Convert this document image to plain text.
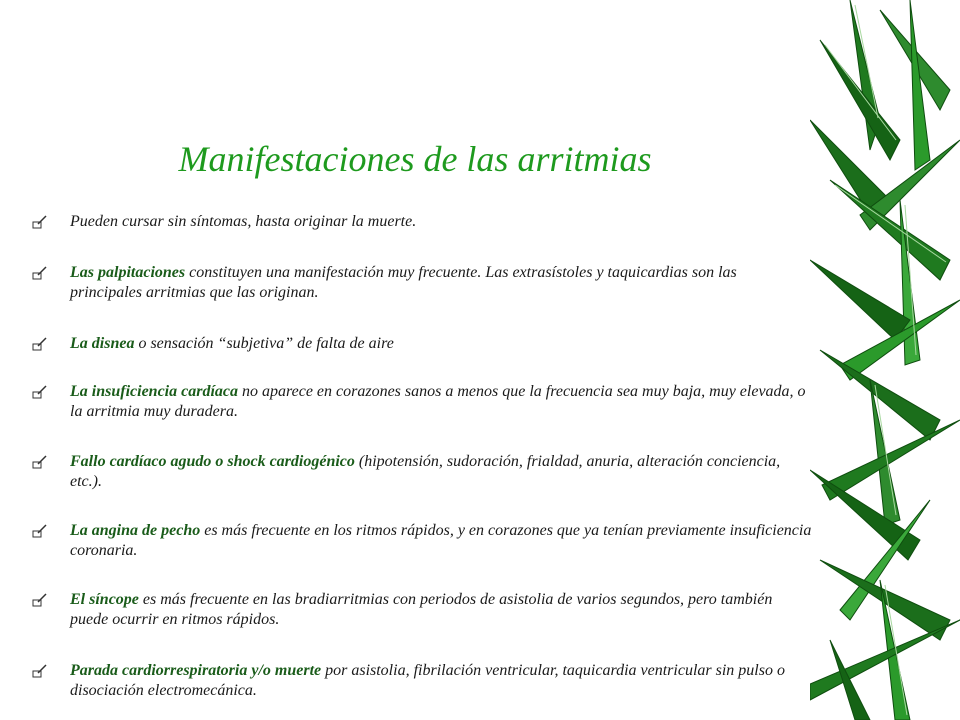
Manifestaciones de las arritmias
Pueden cursar sin síntomas, hasta originar la muerte.
Las palpitaciones constituyen una manifestación muy frecuente. Las extrasístoles y taquicardias son las principales arritmias que las originan.
La disnea o sensación “subjetiva” de falta de aire
La insuficiencia cardíaca no aparece en corazones sanos a menos que la frecuencia sea muy baja, muy elevada, o la arritmia muy duradera.
Fallo cardíaco agudo o shock cardiogénico (hipotensión, sudoración, frialdad, anuria, alteración conciencia, etc.).
La angina de pecho es más frecuente en los ritmos rápidos, y en corazones que ya tenían previamente insuficiencia coronaria.
El síncope es más frecuente en las bradiarritmias con periodos de asistolia de varios segundos, pero también puede ocurrir en ritmos rápidos.
Parada cardiorrespiratoria y/o muerte por asistolia, fibrilación ventricular, taquicardia ventricular sin pulso o disociación electromecánica.
